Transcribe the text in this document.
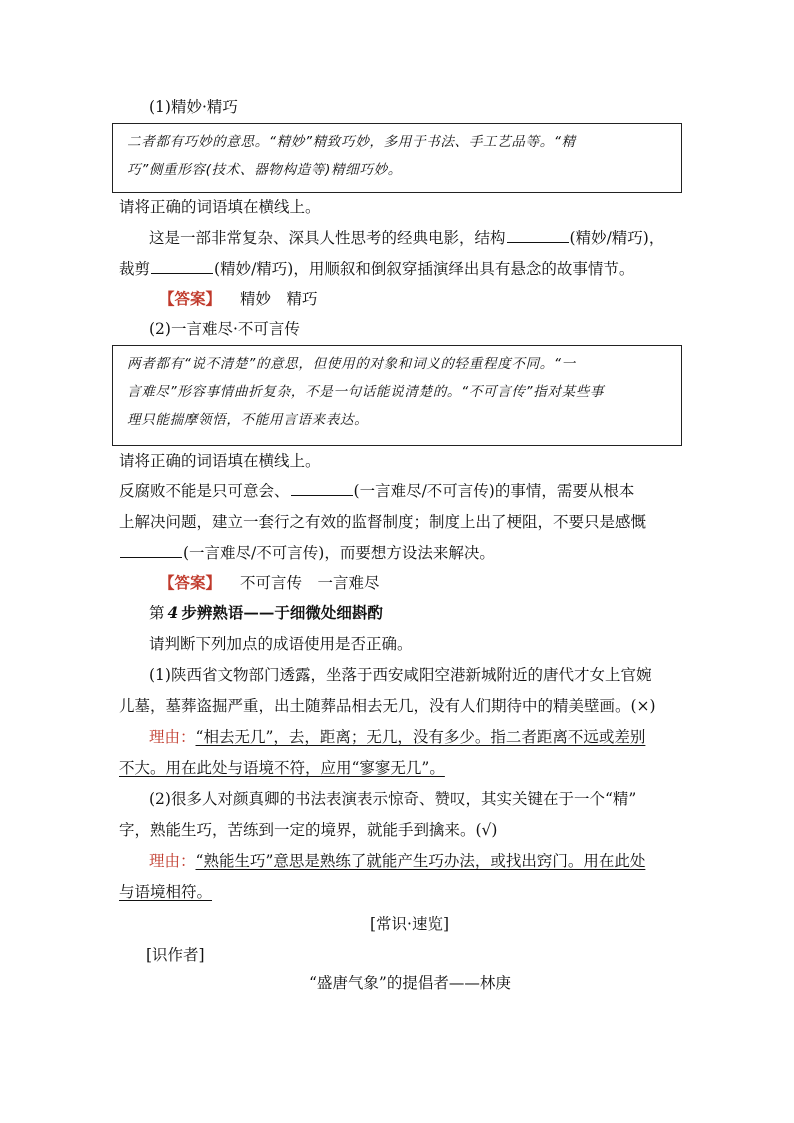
(1)精妙·精巧

二者都有巧妙的意思。“精妙”精致巧妙，多用于书法、手工艺品等。“精

巧”侧重形容(技术、器物构造等)精细巧妙。

请将正确的词语填在横线上。
这是一部非常复杂、深具人性思考的经典电影，结构	(精妙/精巧)，
裁剪	(精妙/精巧)，用顺叙和倒叙穿插演绎出具有悬念的故事情节。
【答案】 精妙　精巧
(2)一言难尽·不可言传

两者都有“说不清楚”的意思，但使用的对象和词义的轻重程度不同。“一

言难尽”形容事情曲折复杂，不是一句话能说清楚的。“不可言传”指对某些事

理只能揣摩领悟，不能用言语来表达。

请将正确的词语填在横线上。
反腐败不能是只可意会、	(一言难尽/不可言传)的事情，需要从根本
上解决问题，建立一套行之有效的监督制度；制度上出了梗阻，不要只是感慨
(一言难尽/不可言传)，而要想方设法来解决。
【答案】 不可言传　一言难尽
第 4 步辨熟语——于细微处细斟酌
请判断下列加点的成语使用是否正确。
(1)陕西省文物部门透露，坐落于西安咸阳空港新城附近的唐代才女上官婉
儿墓，墓葬盗掘严重，出土随葬品相去无几，没有人们期待中的精美壁画。(×)
理由：“相去无几”，去，距离；无几，没有多少。指二者距离不远或差别
不大。用在此处与语境不符，应用“寥寥无几”。
(2)很多人对颜真卿的书法表演表示惊奇、赞叹，其实关键在于一个“精”
字，熟能生巧，苦练到一定的境界，就能手到擒来。(√)
理由：“熟能生巧”意思是熟练了就能产生巧办法，或找出窍门。用在此处
与语境相符。
[常识·速览]
[识作者]
“盛唐气象”的提倡者——林庚
